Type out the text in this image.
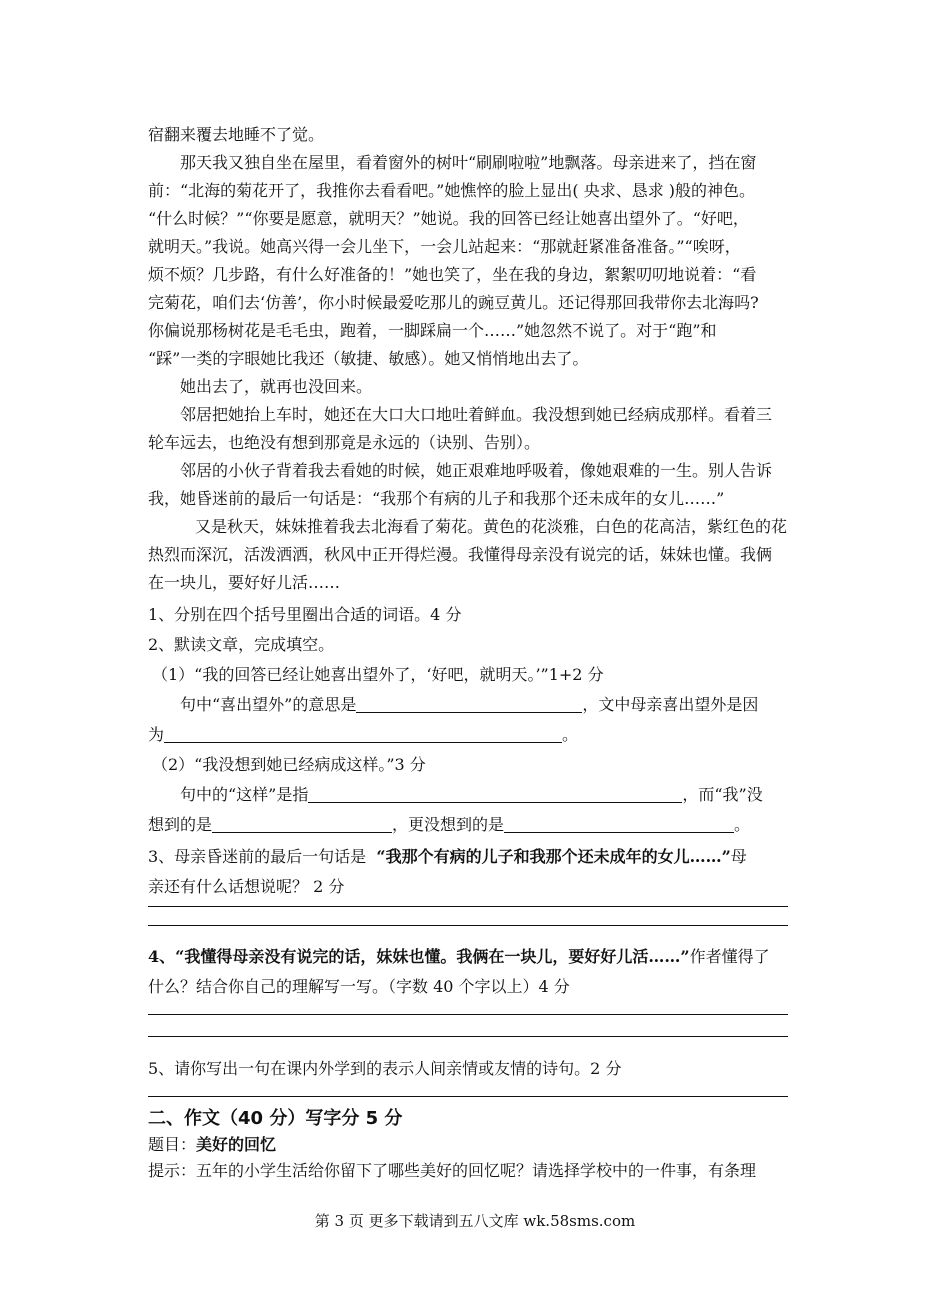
宿翻来覆去地睡不了觉。

那天我又独自坐在屋里，看着窗外的树叶“刷刷啦啦”地飘落。母亲进来了，挡在窗

前：“北海的菊花开了，我推你去看看吧。”她憔悴的脸上显出( 央求、恳求 )般的神色。

“什么时候？”“你要是愿意，就明天？”她说。我的回答已经让她喜出望外了。“好吧，

就明天。”我说。她高兴得一会儿坐下，一会儿站起来：“那就赶紧准备准备。”“唉呀，

烦不烦？几步路，有什么好准备的！”她也笑了，坐在我的身边，絮絮叨叨地说着：“看

完菊花，咱们去‘仿善’，你小时候最爱吃那儿的豌豆黄儿。还记得那回我带你去北海吗?

你偏说那杨树花是毛毛虫，跑着，一脚踩扁一个……”她忽然不说了。对于“跑”和

“踩”一类的字眼她比我还（敏捷、敏感）。她又悄悄地出去了。

她出去了，就再也没回来。

邻居把她抬上车时，她还在大口大口地吐着鲜血。我没想到她已经病成那样。看着三

轮车远去，也绝没有想到那竟是永远的（诀别、告别）。

邻居的小伙子背着我去看她的时候，她正艰难地呼吸着，像她艰难的一生。别人告诉

我，她昏迷前的最后一句话是：“我那个有病的儿子和我那个还未成年的女儿……”

又是秋天，妹妹推着我去北海看了菊花。黄色的花淡雅，白色的花高洁，紫红色的花

热烈而深沉，活泼洒洒，秋风中正开得烂漫。我懂得母亲没有说完的话，妹妹也懂。我俩

在一块儿，要好好儿活……

1、分别在四个括号里圈出合适的词语。4 分

2、默读文章，完成填空。

（1）“我的回答已经让她喜出望外了，‘好吧，就明天。’”1+2 分

句中“喜出望外”的意思是	，文中母亲喜出望外是因

为	。

（2）“我没想到她已经病成这样。”3 分

句中的“这样”是指	，而“我”没

想到的是	，更没想到的是	。

3、母亲昏迷前的最后一句话是 “我那个有病的儿子和我那个还未成年的女儿……”母

亲还有什么话想说呢？ 2 分

4、“我懂得母亲没有说完的话，妹妹也懂。我俩在一块儿，要好好儿活……”作者懂得了

什么？结合你自己的理解写一写。（字数 40 个字以上）4 分

5、请你写出一句在课内外学到的表示人间亲情或友情的诗句。2 分

二、作文（40 分）写字分 5 分

题目：美好的回忆

提示：五年的小学生活给你留下了哪些美好的回忆呢？请选择学校中的一件事，有条理

第 3 页 更多下载请到五八文库 wk.58sms.com
